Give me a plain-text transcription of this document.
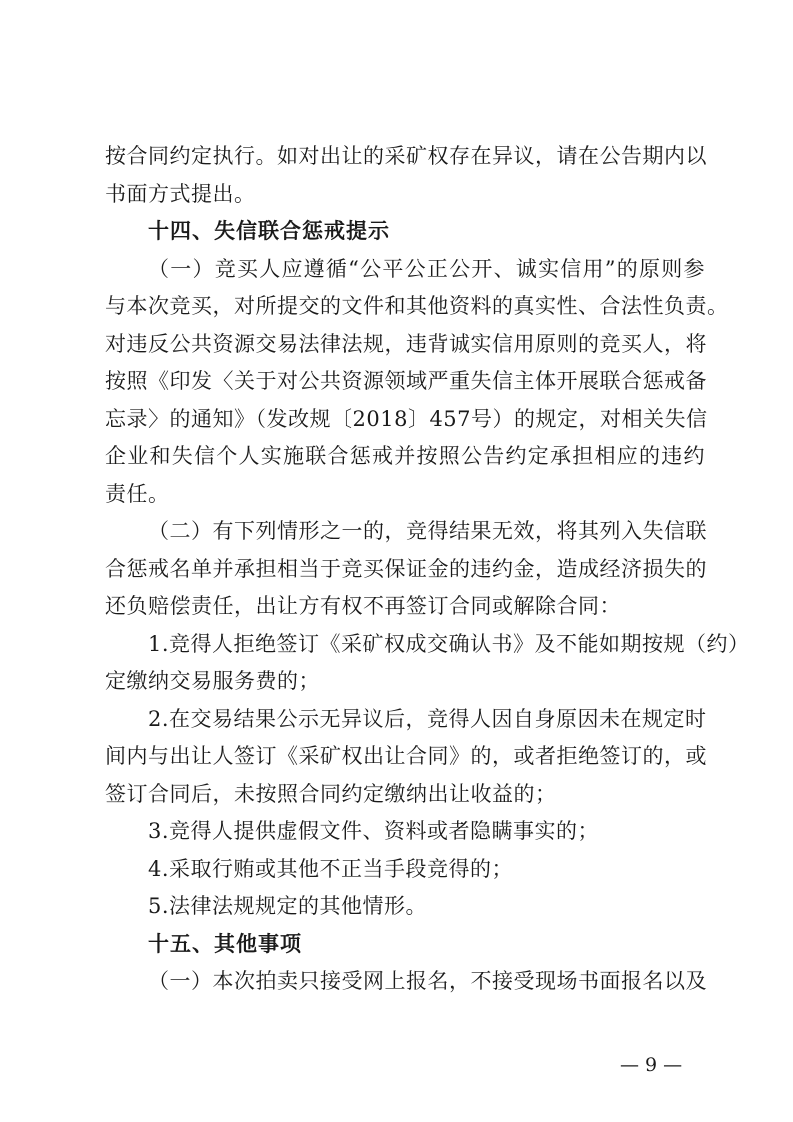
按合同约定执行。如对出让的采矿权存在异议，请在公告期内以
书面方式提出。
十四、失信联合惩戒提示
（一）竞买人应遵循“公平公正公开、诚实信用”的原则参
与本次竞买，对所提交的文件和其他资料的真实性、合法性负责。
对违反公共资源交易法律法规，违背诚实信用原则的竞买人，将
按照《印发〈关于对公共资源领域严重失信主体开展联合惩戒备
忘录〉的通知》（发改规〔2018〕457号）的规定，对相关失信
企业和失信个人实施联合惩戒并按照公告约定承担相应的违约
责任。
（二）有下列情形之一的，竞得结果无效，将其列入失信联
合惩戒名单并承担相当于竞买保证金的违约金，造成经济损失的
还负赔偿责任，出让方有权不再签订合同或解除合同：
1.竞得人拒绝签订《采矿权成交确认书》及不能如期按规（约）
定缴纳交易服务费的；
2.在交易结果公示无异议后，竞得人因自身原因未在规定时
间内与出让人签订《采矿权出让合同》的，或者拒绝签订的，或
签订合同后，未按照合同约定缴纳出让收益的；
3.竞得人提供虚假文件、资料或者隐瞒事实的；
4.采取行贿或其他不正当手段竞得的；
5.法律法规规定的其他情形。
十五、其他事项
（一）本次拍卖只接受网上报名，不接受现场书面报名以及
— 9 —
